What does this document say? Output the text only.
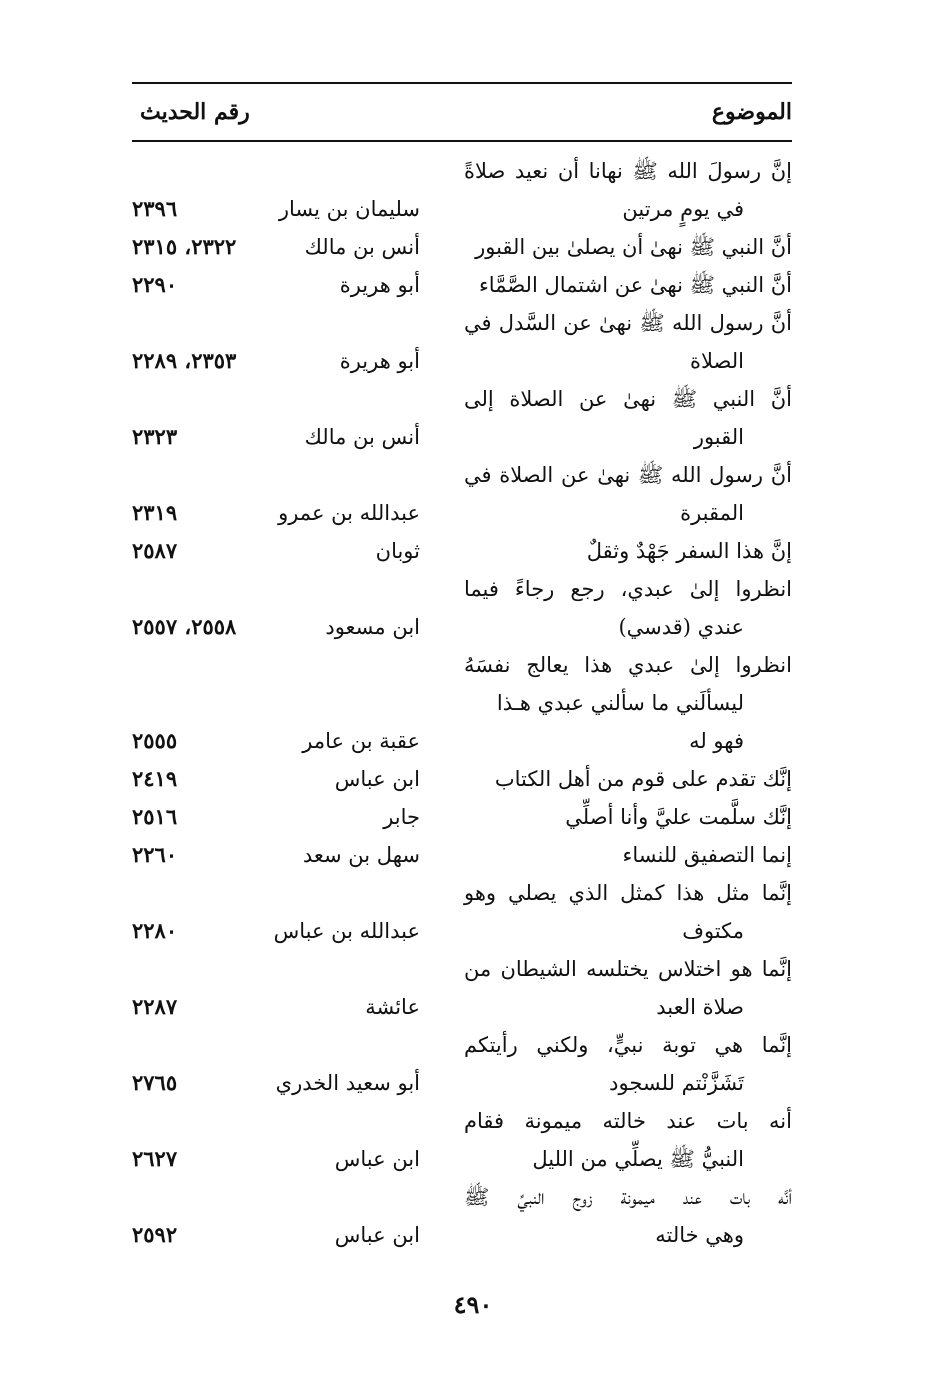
الموضوع
رقم الحديث
إنَّ رسولَ الله ﷺ نهانا أن نعيد صلاةً
في يومٍ مرتين
سليمان بن يسار
٢٣٩٦
أنَّ النبي ﷺ نهىٰ أن يصلىٰ بين القبور
أنس بن مالك
٢٣٢٢، ٢٣١٥
أنَّ النبي ﷺ نهىٰ عن اشتمال الصَّمَّاء
أبو هريرة
٢٢٩٠
أنَّ رسول الله ﷺ نهىٰ عن السَّدل في
الصلاة
أبو هريرة
٢٣٥٣، ٢٢٨٩
أنَّ النبي ﷺ نهىٰ عن الصلاة إلى
القبور
أنس بن مالك
٢٣٢٣
أنَّ رسول الله ﷺ نهىٰ عن الصلاة في
المقبرة
عبدالله بن عمرو
٢٣١٩
إنَّ هذا السفر جَهْدٌ وثقلٌ
ثوبان
٢٥٨٧
انظروا إلىٰ عبدي، رجع رجاءً فيما
عندي (قدسي)
ابن مسعود
٢٥٥٨، ٢٥٥٧
انظروا إلىٰ عبدي هذا يعالج نفسَهُ
ليسألَني ما سألني عبدي هـذا
فهو له
عقبة بن عامر
٢٥٥٥
إنَّك تقدم على قوم من أهل الكتاب
ابن عباس
٢٤١٩
إنَّك سلَّمت عليَّ وأنا أصلِّي
جابر
٢٥١٦
إنما التصفيق للنساء
سهل بن سعد
٢٢٦٠
إنَّما مثل هذا كمثل الذي يصلي وهو
مكتوف
عبدالله بن عباس
٢٢٨٠
إنَّما هو اختلاس يختلسه الشيطان من
صلاة العبد
عائشة
٢٢٨٧
إنَّما هي توبة نبيٍّ، ولكني رأيتكم
تَشَزَّنْتم للسجود
أبو سعيد الخدري
٢٧٦٥
أنه بات عند خالته ميمونة فقام
النبيُّ ﷺ يصلِّي من الليل
ابن عباس
٢٦٢٧
أنَّه بات عند ميمونة زوج النبيِّ ﷺ
وهي خالته
ابن عباس
٢٥٩٢
٤٩٠
